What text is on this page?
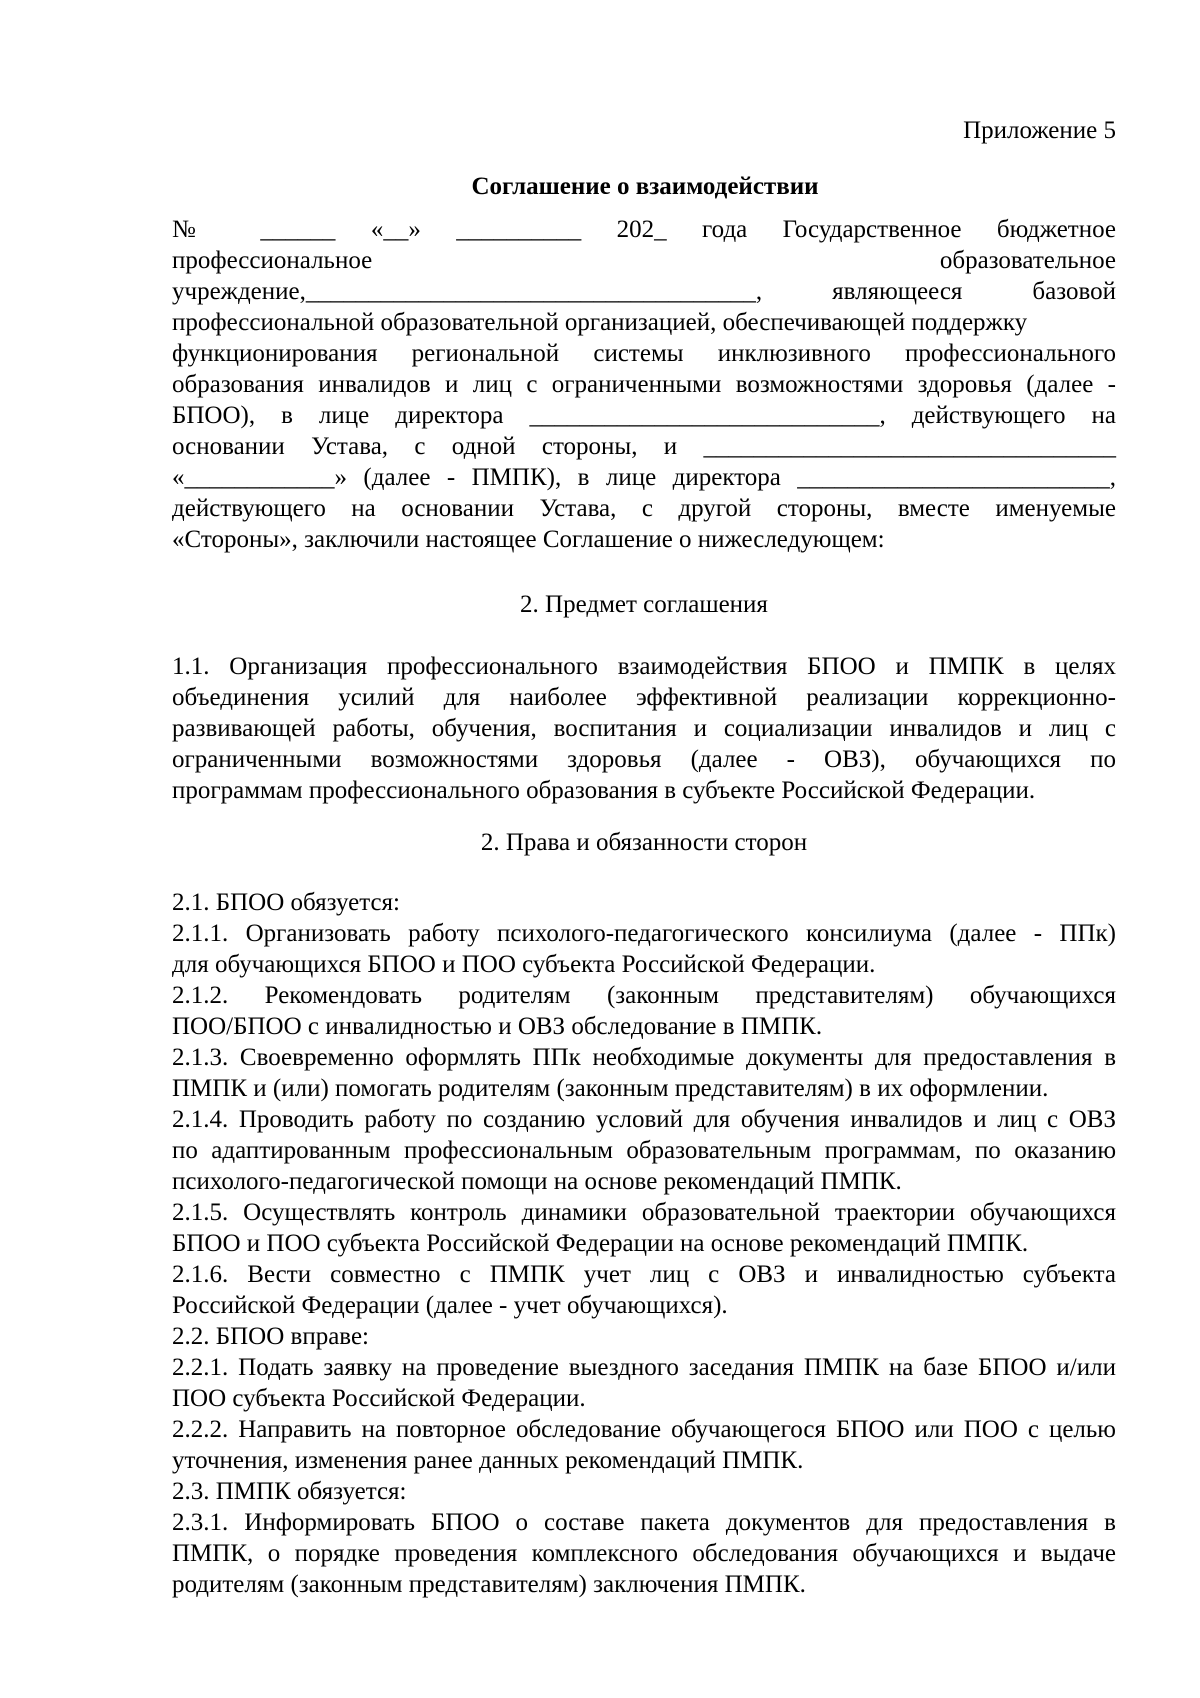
Приложение 5
Соглашение о взаимодействии
№ ______ «__» __________ 202_ года Государственное бюджетное
профессиональное образовательное
учреждение,____________________________________, являющееся базовой
профессиональной образовательной организацией, обеспечивающей поддержку
функционирования региональной системы инклюзивного профессионального
образования инвалидов и лиц с ограниченными возможностями здоровья (далее -
БПОО), в лице директора ____________________________, действующего на
основании Устава, с одной стороны, и _________________________________
«____________» (далее - ПМПК), в лице директора _________________________,
действующего на основании Устава, с другой стороны, вместе именуемые
«Стороны», заключили настоящее Соглашение о нижеследующем:
2. Предмет соглашения
1.1. Организация профессионального взаимодействия БПОО и ПМПК в целях
объединения усилий для наиболее эффективной реализации коррекционно-
развивающей работы, обучения, воспитания и социализации инвалидов и лиц с
ограниченными возможностями здоровья (далее - ОВЗ), обучающихся по
программам профессионального образования в субъекте Российской Федерации.
2. Права и обязанности сторон
2.1. БПОО обязуется:
2.1.1. Организовать работу психолого-педагогического консилиума (далее - ППк)
для обучающихся БПОО и ПОО субъекта Российской Федерации.
2.1.2. Рекомендовать родителям (законным представителям) обучающихся
ПОО/БПОО с инвалидностью и ОВЗ обследование в ПМПК.
2.1.3. Своевременно оформлять ППк необходимые документы для предоставления в
ПМПК и (или) помогать родителям (законным представителям) в их оформлении.
2.1.4. Проводить работу по созданию условий для обучения инвалидов и лиц с ОВЗ
по адаптированным профессиональным образовательным программам, по оказанию
психолого-педагогической помощи на основе рекомендаций ПМПК.
2.1.5. Осуществлять контроль динамики образовательной траектории обучающихся
БПОО и ПОО субъекта Российской Федерации на основе рекомендаций ПМПК.
2.1.6. Вести совместно с ПМПК учет лиц с ОВЗ и инвалидностью субъекта
Российской Федерации (далее - учет обучающихся).
2.2. БПОО вправе:
2.2.1. Подать заявку на проведение выездного заседания ПМПК на базе БПОО и/или
ПОО субъекта Российской Федерации.
2.2.2. Направить на повторное обследование обучающегося БПОО или ПОО с целью
уточнения, изменения ранее данных рекомендаций ПМПК.
2.3. ПМПК обязуется:
2.3.1. Информировать БПОО о составе пакета документов для предоставления в
ПМПК, о порядке проведения комплексного обследования обучающихся и выдаче
родителям (законным представителям) заключения ПМПК.
